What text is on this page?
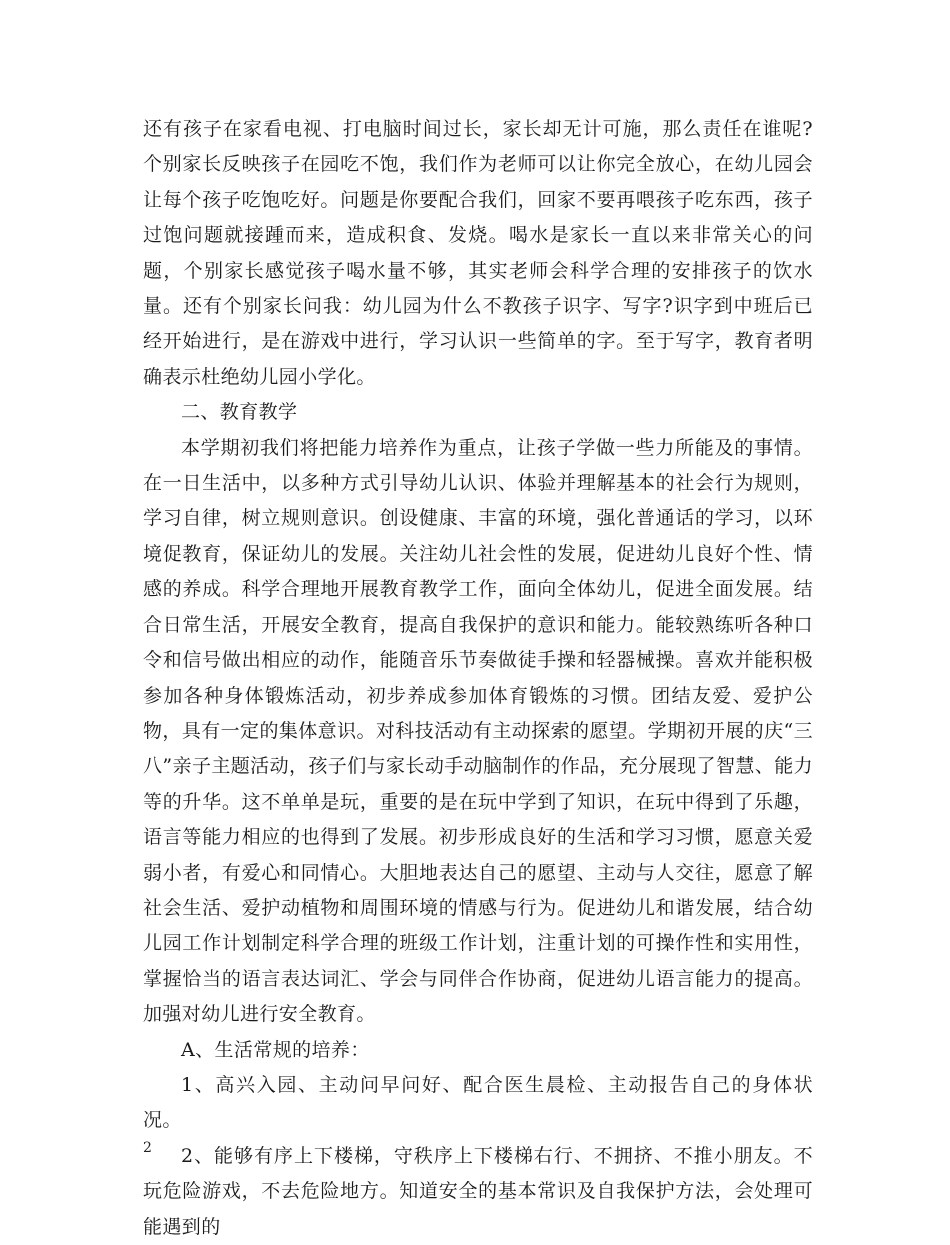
还有孩子在家看电视、打电脑时间过长，家长却无计可施，那么责任在谁呢?个别家长反映孩子在园吃不饱，我们作为老师可以让你完全放心，在幼儿园会让每个孩子吃饱吃好。问题是你要配合我们，回家不要再喂孩子吃东西，孩子过饱问题就接踵而来，造成积食、发烧。喝水是家长一直以来非常关心的问题，个别家长感觉孩子喝水量不够，其实老师会科学合理的安排孩子的饮水量。还有个别家长问我：幼儿园为什么不教孩子识字、写字?识字到中班后已经开始进行，是在游戏中进行，学习认识一些简单的字。至于写字，教育者明确表示杜绝幼儿园小学化。

二、教育教学

本学期初我们将把能力培养作为重点，让孩子学做一些力所能及的事情。在一日生活中，以多种方式引导幼儿认识、体验并理解基本的社会行为规则，学习自律，树立规则意识。创设健康、丰富的环境，强化普通话的学习，以环境促教育，保证幼儿的发展。关注幼儿社会性的发展，促进幼儿良好个性、情感的养成。科学合理地开展教育教学工作，面向全体幼儿，促进全面发展。结合日常生活，开展安全教育，提高自我保护的意识和能力。能较熟练听各种口令和信号做出相应的动作，能随音乐节奏做徒手操和轻器械操。喜欢并能积极参加各种身体锻炼活动，初步养成参加体育锻炼的习惯。团结友爱、爱护公物，具有一定的集体意识。对科技活动有主动探索的愿望。学期初开展的庆“三八”亲子主题活动，孩子们与家长动手动脑制作的作品，充分展现了智慧、能力等的升华。这不单单是玩，重要的是在玩中学到了知识，在玩中得到了乐趣，语言等能力相应的也得到了发展。初步形成良好的生活和学习习惯，愿意关爱弱小者，有爱心和同情心。大胆地表达自己的愿望、主动与人交往，愿意了解社会生活、爱护动植物和周围环境的情感与行为。促进幼儿和谐发展，结合幼儿园工作计划制定科学合理的班级工作计划，注重计划的可操作性和实用性，掌握恰当的语言表达词汇、学会与同伴合作协商，促进幼儿语言能力的提高。加强对幼儿进行安全教育。

A、生活常规的培养：

1、高兴入园、主动问早问好、配合医生晨检、主动报告自己的身体状况。

2、能够有序上下楼梯，守秩序上下楼梯右行、不拥挤、不推小朋友。不玩危险游戏，不去危险地方。知道安全的基本常识及自我保护方法，会处理可能遇到的

2
